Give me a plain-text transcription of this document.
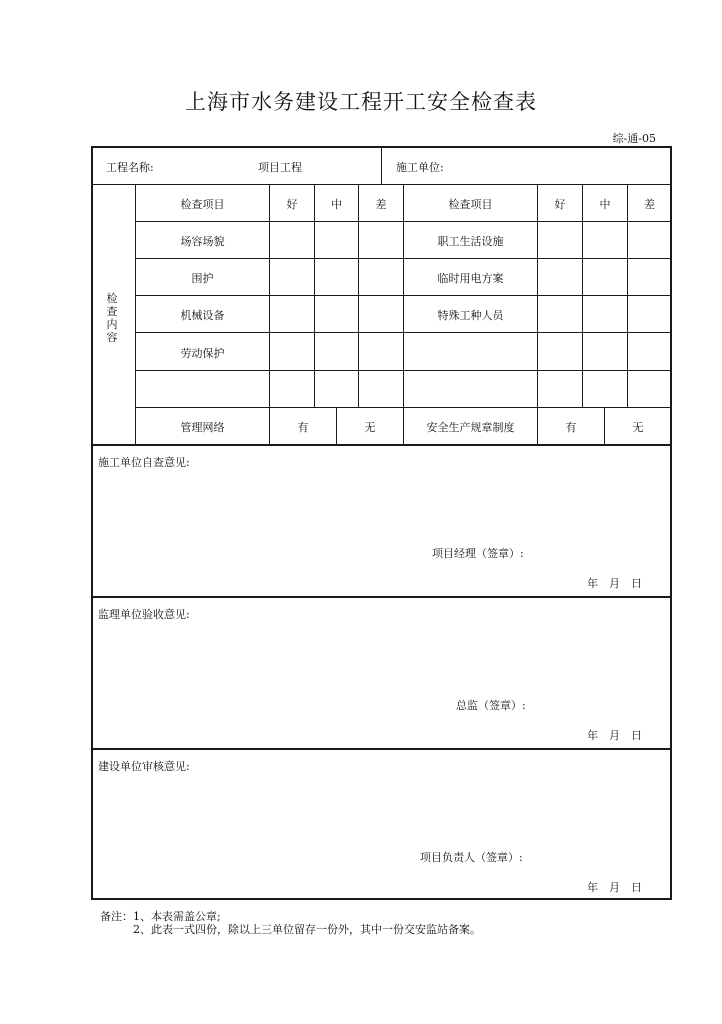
上海市水务建设工程开工安全检查表
综-通-05
工程名称:	项目工程	施工单位:
检
查
内
容
检查项目	好	中	差	检查项目	好	中	差
场容场貌	职工生活设施
围护	临时用电方案
机械设备	特殊工种人员
劳动保护
管理网络	有	无	安全生产规章制度	有	无
施工单位自查意见:
项目经理（签章）:
年　月　日
监理单位验收意见:
总监（签章）:
年　月　日
建设单位审核意见:
项目负责人（签章）:
年　月　日
备注：1、本表需盖公章;
　　　2、此表一式四份，除以上三单位留存一份外，其中一份交安监站备案。
